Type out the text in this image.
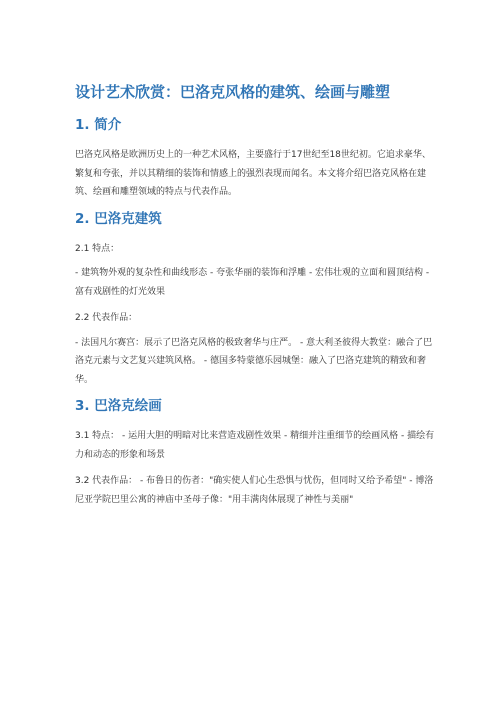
设计艺术欣赏：巴洛克风格的建筑、绘画与雕塑
1. 简介
巴洛克风格是欧洲历史上的一种艺术风格，主要盛行于17世纪至18世纪初。它追求豪华、繁复和夸张，并以其精细的装饰和情感上的强烈表现而闻名。本文将介绍巴洛克风格在建筑、绘画和雕塑领域的特点与代表作品。
2. 巴洛克建筑
2.1 特点：
- 建筑物外观的复杂性和曲线形态 - 夸张华丽的装饰和浮雕 - 宏伟壮观的立面和圆顶结构 - 富有戏剧性的灯光效果
2.2 代表作品：
- 法国凡尔赛宫：展示了巴洛克风格的极致奢华与庄严。 - 意大利圣彼得大教堂：融合了巴洛克元素与文艺复兴建筑风格。 - 德国多特蒙德乐园城堡：融入了巴洛克建筑的精致和奢华。
3. 巴洛克绘画
3.1 特点： - 运用大胆的明暗对比来营造戏剧性效果 - 精细并注重细节的绘画风格 - 描绘有力和动态的形象和场景
3.2 代表作品： - 布鲁日的伤者："确实使人们心生恐惧与忧伤，但同时又给予希望" - 博洛尼亚学院巴里公寓的神庙中圣母子像："用丰满肉体展现了神性与美丽"
